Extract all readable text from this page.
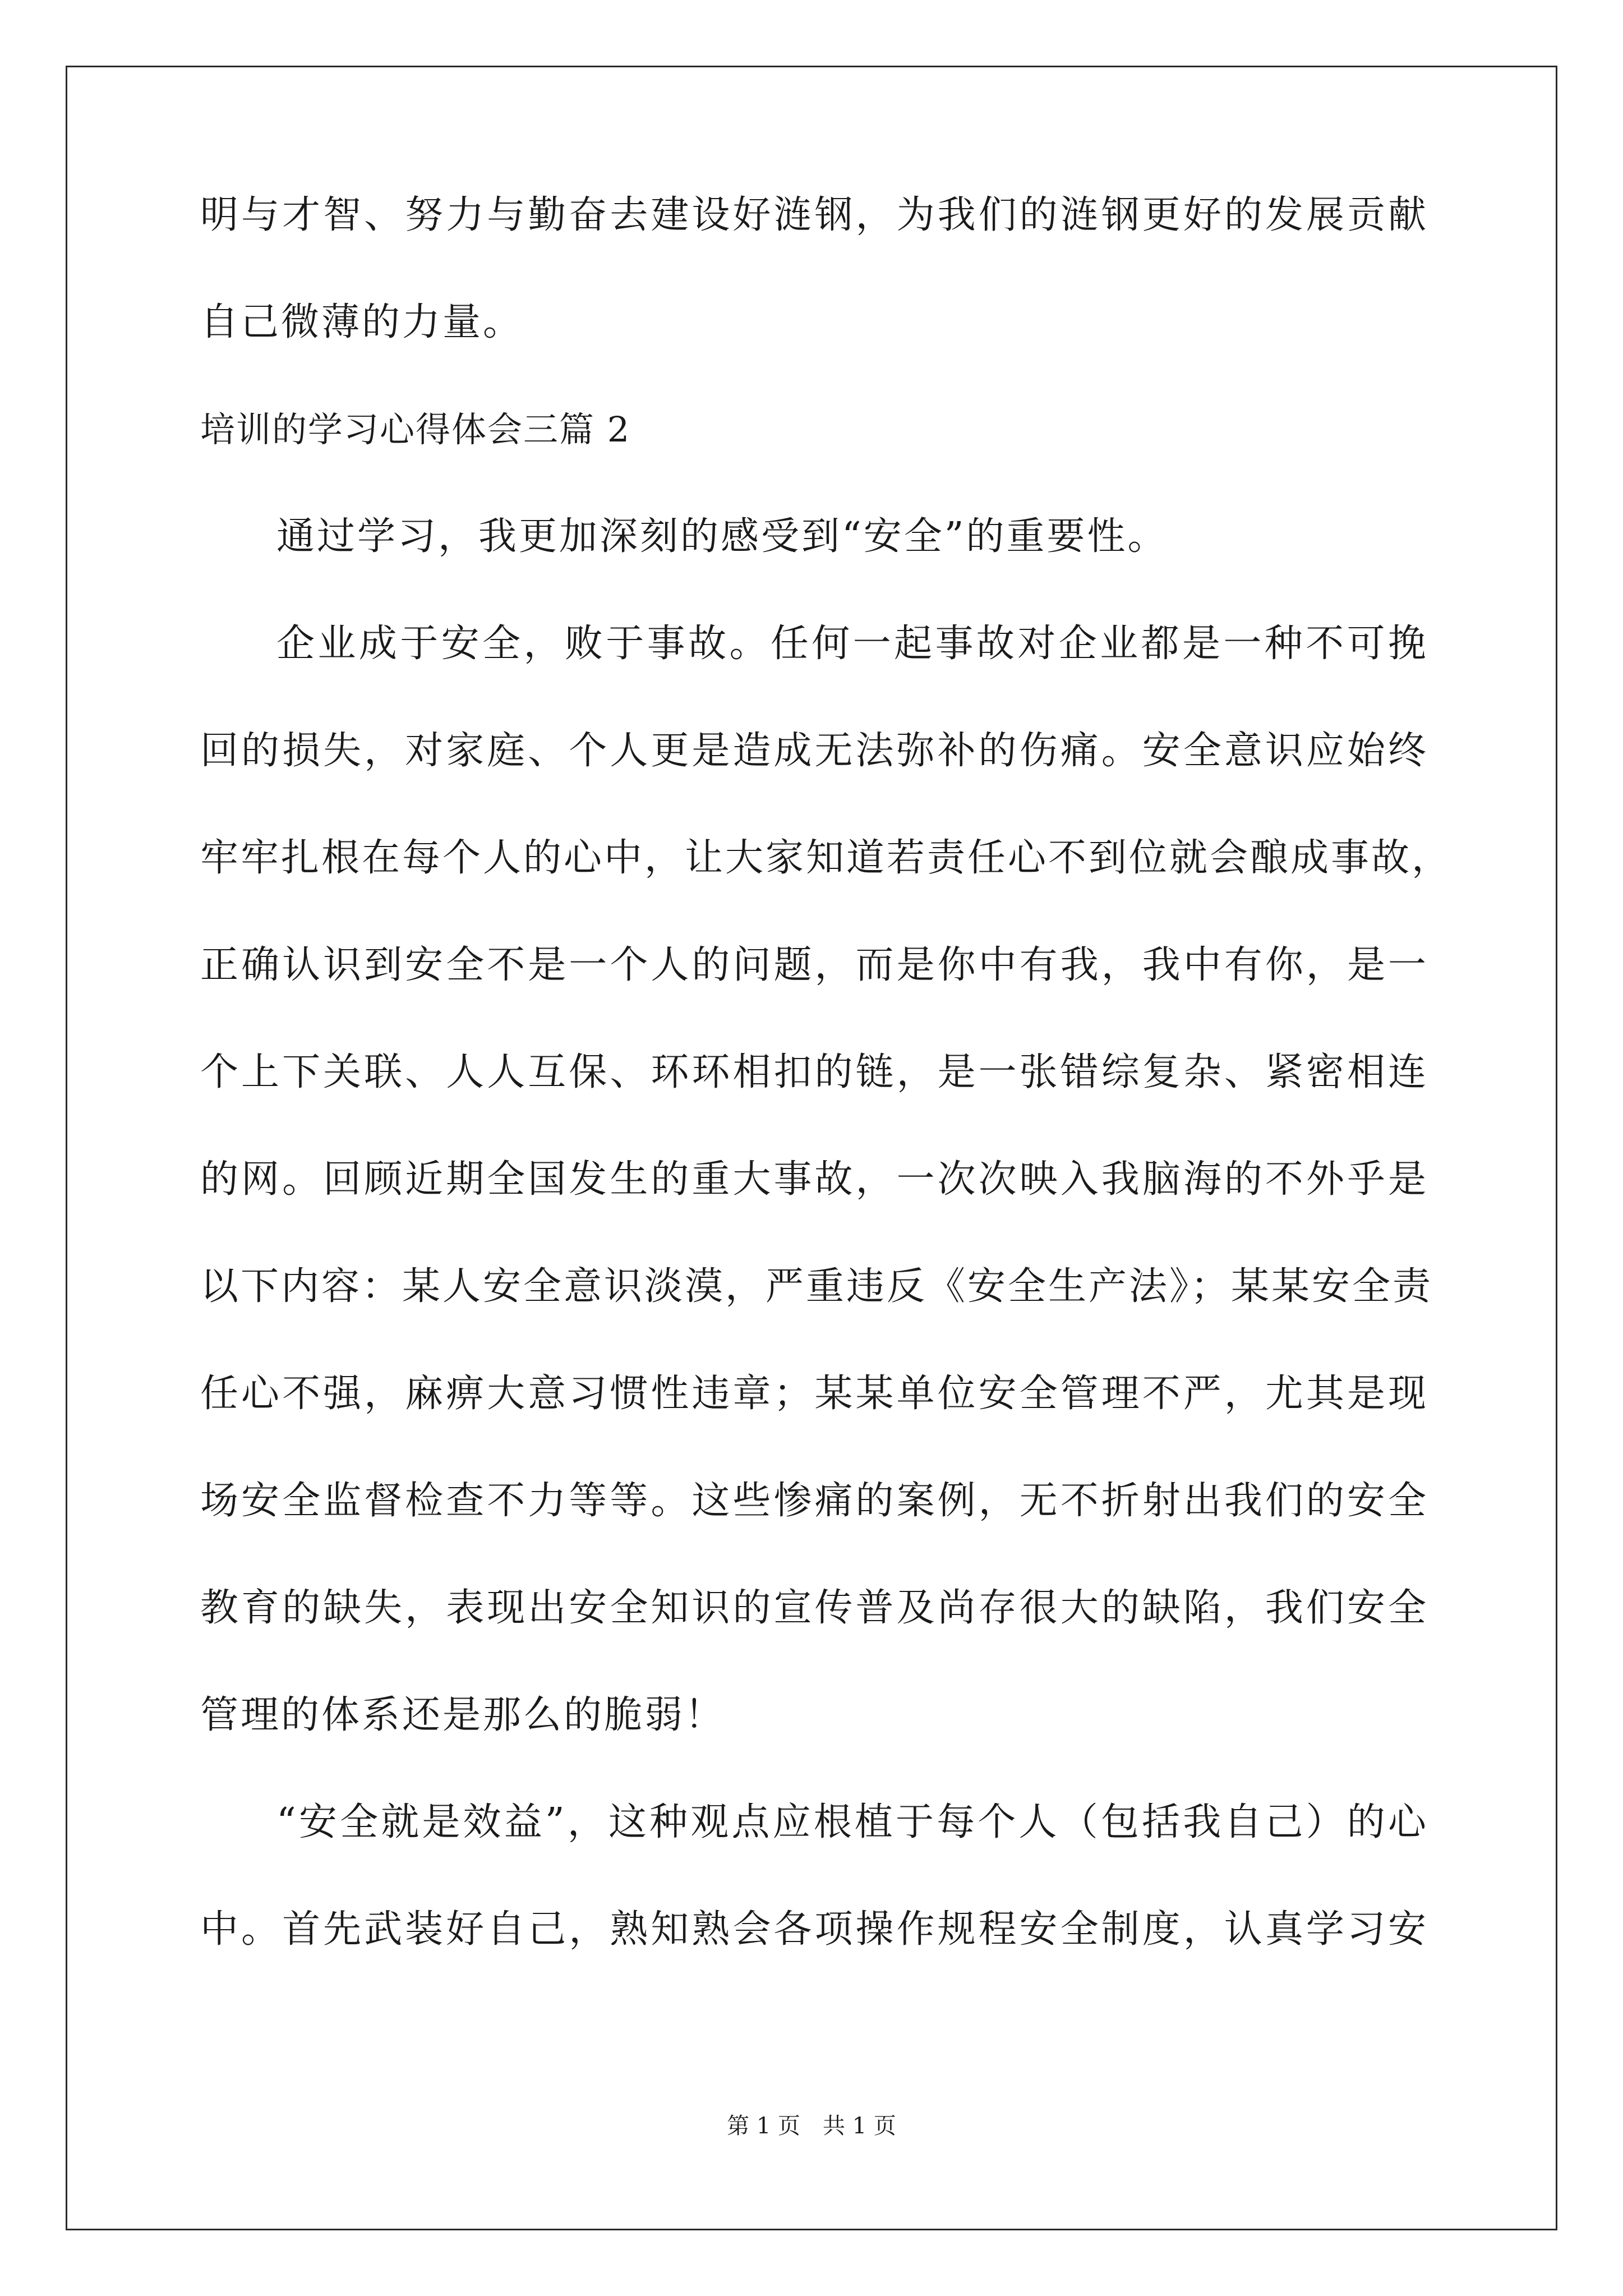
明与才智、努力与勤奋去建设好涟钢，为我们的涟钢更好的发展贡献
自己微薄的力量。
培训的学习心得体会三篇 2
通过学习，我更加深刻的感受到“安全”的重要性。
企业成于安全，败于事故。任何一起事故对企业都是一种不可挽
回的损失，对家庭、个人更是造成无法弥补的伤痛。安全意识应始终
牢牢扎根在每个人的心中，让大家知道若责任心不到位就会酿成事故，
正确认识到安全不是一个人的问题，而是你中有我，我中有你，是一
个上下关联、人人互保、环环相扣的链，是一张错综复杂、紧密相连
的网。回顾近期全国发生的重大事故，一次次映入我脑海的不外乎是
以下内容：某人安全意识淡漠，严重违反《安全生产法》；某某安全责
任心不强，麻痹大意习惯性违章；某某单位安全管理不严，尤其是现
场安全监督检查不力等等。这些惨痛的案例，无不折射出我们的安全
教育的缺失，表现出安全知识的宣传普及尚存很大的缺陷，我们安全
管理的体系还是那么的脆弱！
“安全就是效益”，这种观点应根植于每个人（包括我自己）的心
中。首先武装好自己，熟知熟会各项操作规程安全制度，认真学习安
第 1 页　共 1 页
